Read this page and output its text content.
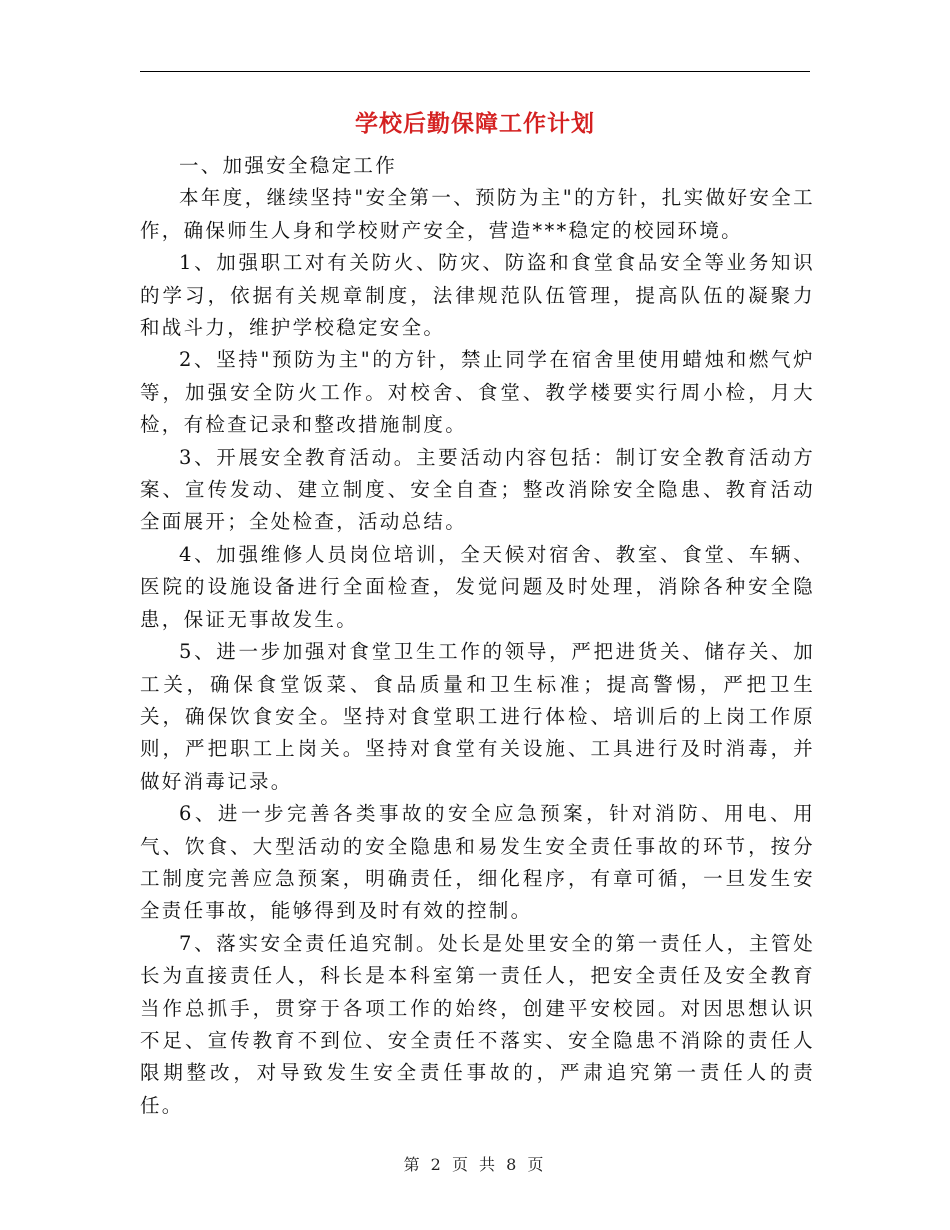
学校后勤保障工作计划

一、加强安全稳定工作

本年度，继续坚持"安全第一、预防为主"的方针，扎实做好安全工作，确保师生人身和学校财产安全，营造***稳定的校园环境。

1、加强职工对有关防火、防灾、防盗和食堂食品安全等业务知识的学习，依据有关规章制度，法律规范队伍管理，提高队伍的凝聚力和战斗力，维护学校稳定安全。

2、坚持"预防为主"的方针，禁止同学在宿舍里使用蜡烛和燃气炉等，加强安全防火工作。对校舍、食堂、教学楼要实行周小检，月大检，有检查记录和整改措施制度。

3、开展安全教育活动。主要活动内容包括：制订安全教育活动方案、宣传发动、建立制度、安全自查；整改消除安全隐患、教育活动全面展开；全处检查，活动总结。

4、加强维修人员岗位培训，全天候对宿舍、教室、食堂、车辆、医院的设施设备进行全面检查，发觉问题及时处理，消除各种安全隐患，保证无事故发生。

5、进一步加强对食堂卫生工作的领导，严把进货关、储存关、加工关，确保食堂饭菜、食品质量和卫生标准；提高警惕，严把卫生关，确保饮食安全。坚持对食堂职工进行体检、培训后的上岗工作原则，严把职工上岗关。坚持对食堂有关设施、工具进行及时消毒，并做好消毒记录。

6、进一步完善各类事故的安全应急预案，针对消防、用电、用气、饮食、大型活动的安全隐患和易发生安全责任事故的环节，按分工制度完善应急预案，明确责任，细化程序，有章可循，一旦发生安全责任事故，能够得到及时有效的控制。

7、落实安全责任追究制。处长是处里安全的第一责任人，主管处长为直接责任人，科长是本科室第一责任人，把安全责任及安全教育当作总抓手，贯穿于各项工作的始终，创建平安校园。对因思想认识不足、宣传教育不到位、安全责任不落实、安全隐患不消除的责任人限期整改，对导致发生安全责任事故的，严肃追究第一责任人的责任。

第 2 页 共 8 页
